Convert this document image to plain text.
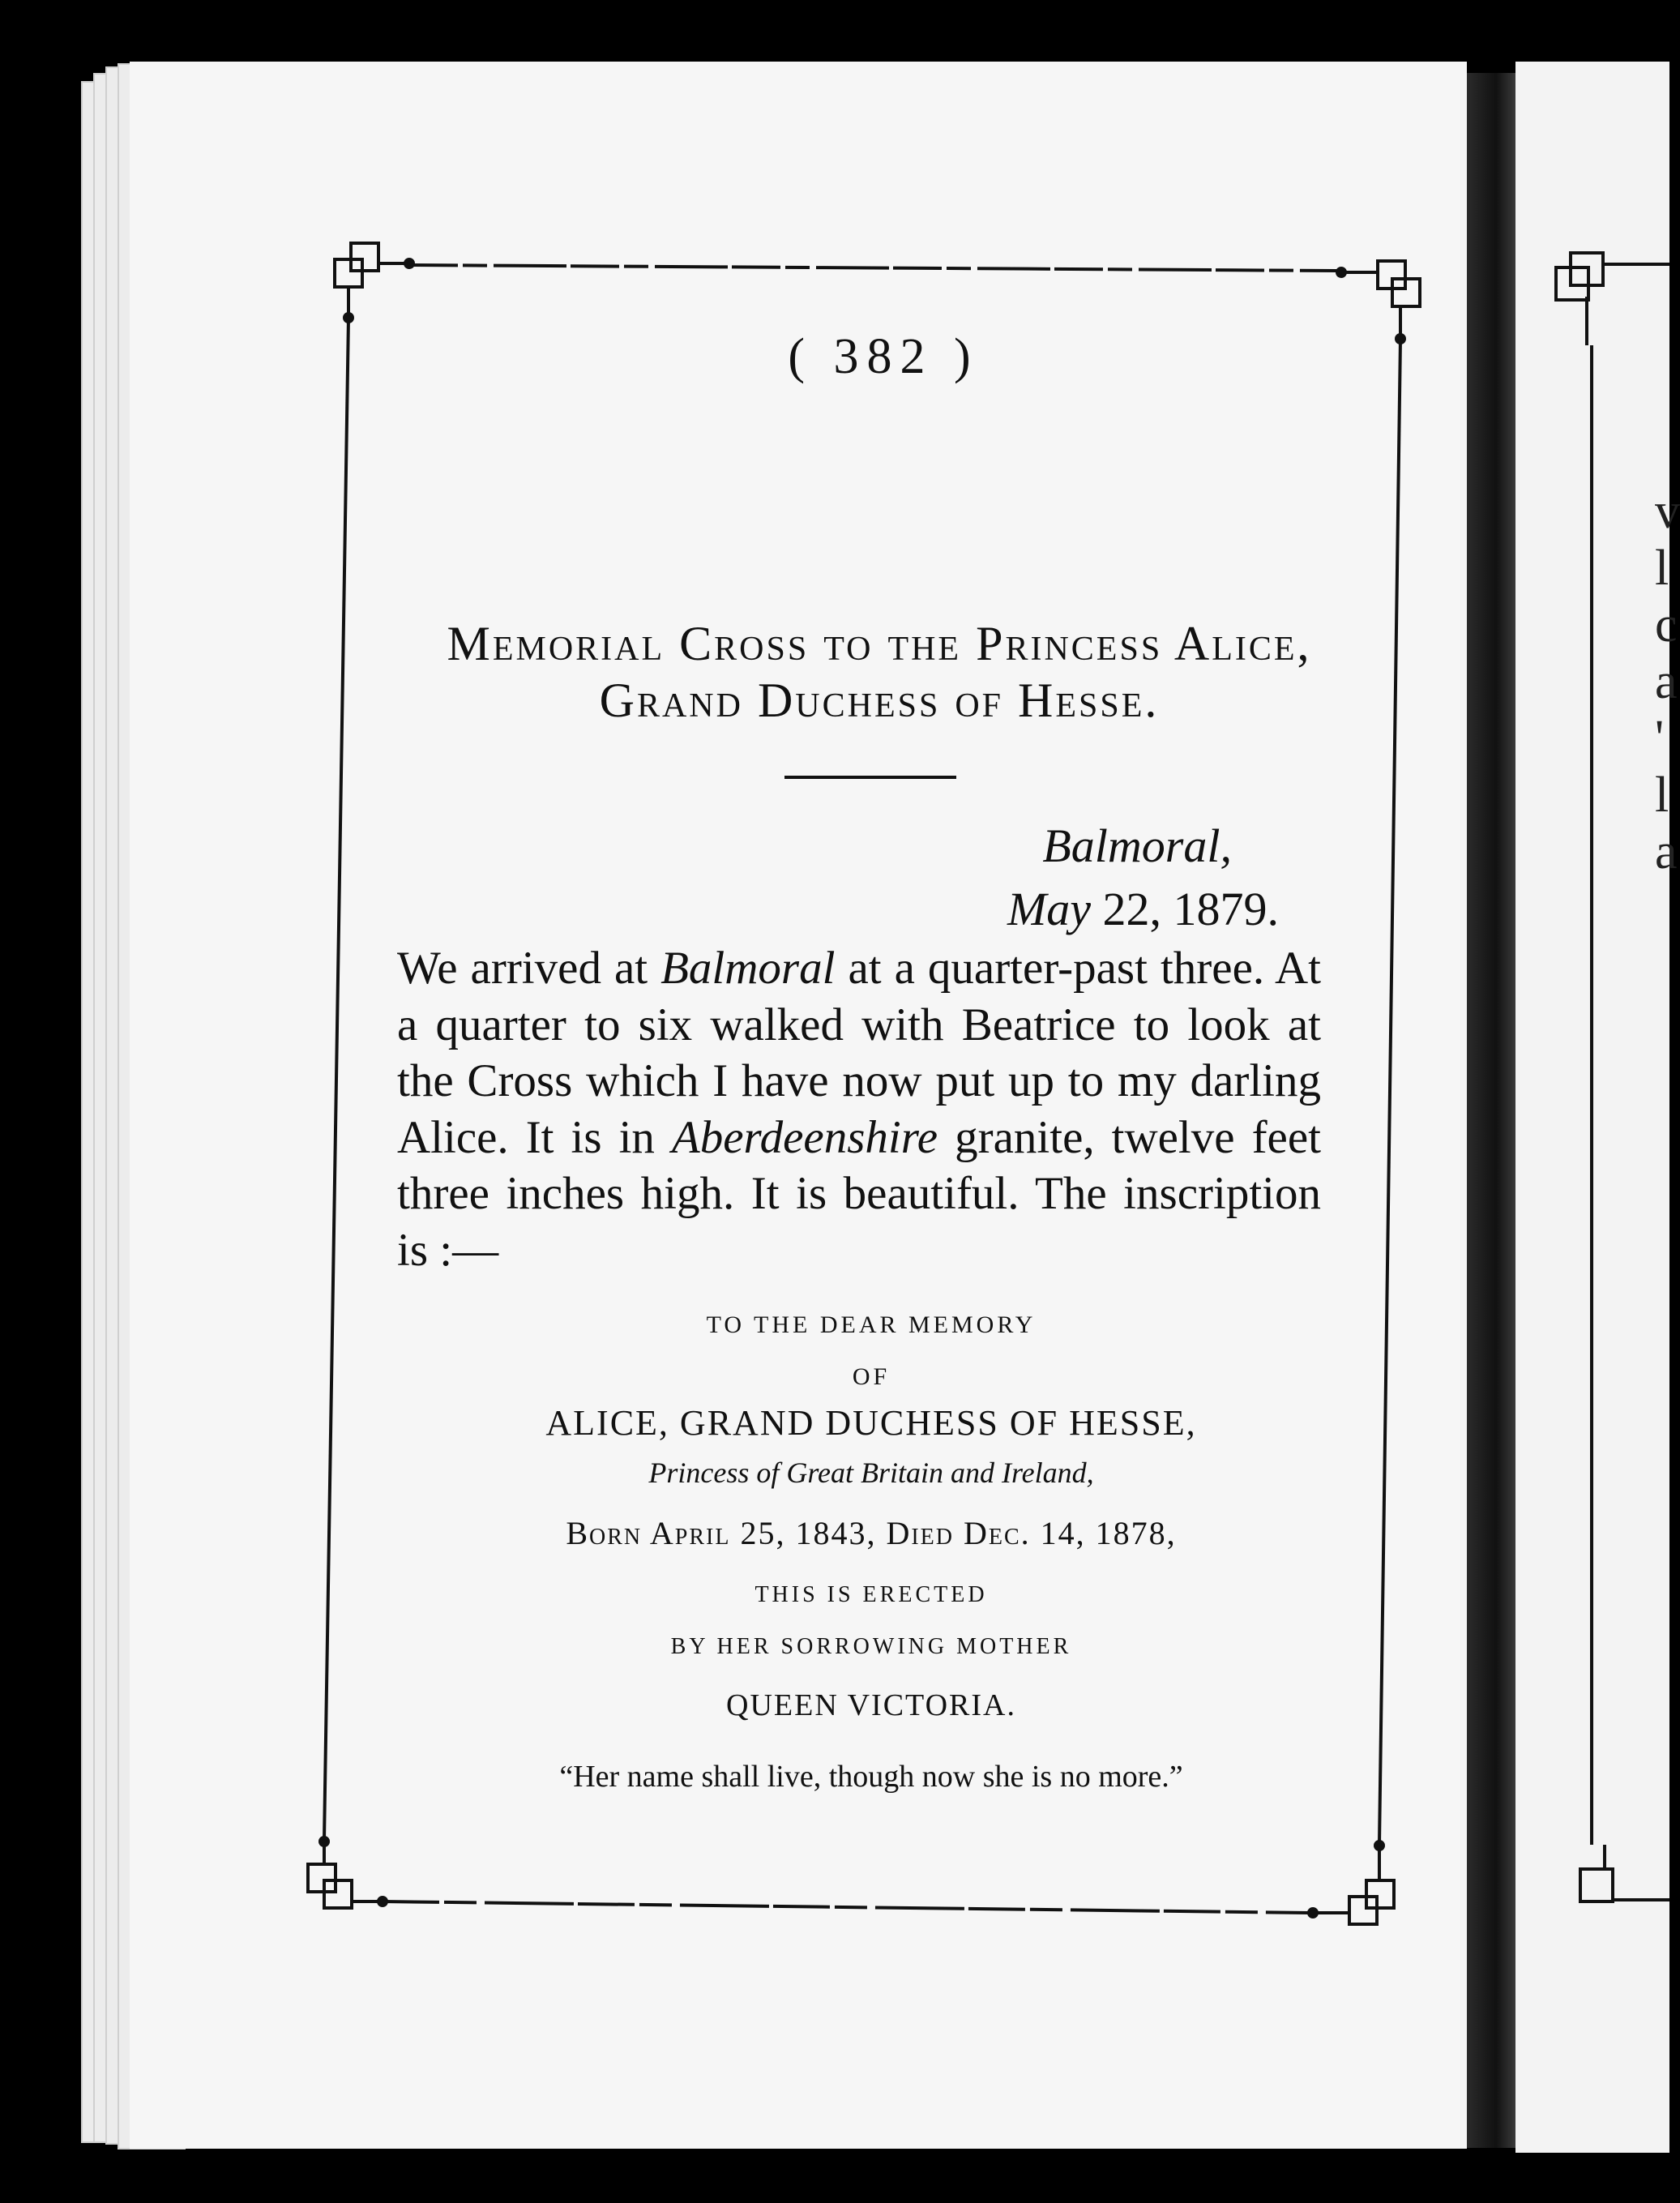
v
l
c
a
'
l
a
( 382 )
Memorial Cross to the Princess Alice,
Grand Duchess of Hesse.
Balmoral,
May 22, 1879.
We arrived at Balmoral at a quarter-past three. At a quarter to six walked with Beatrice to look at the Cross which I have now put up to my darling Alice. It is in Aberdeenshire granite, twelve feet three inches high. It is beautiful. The inscription is :—
TO THE DEAR MEMORY
OF
ALICE, GRAND DUCHESS OF HESSE,
Princess of Great Britain and Ireland,
Born April 25, 1843, Died Dec. 14, 1878,
THIS IS ERECTED
BY HER SORROWING MOTHER
QUEEN VICTORIA.
“Her name shall live, though now she is no more.”
